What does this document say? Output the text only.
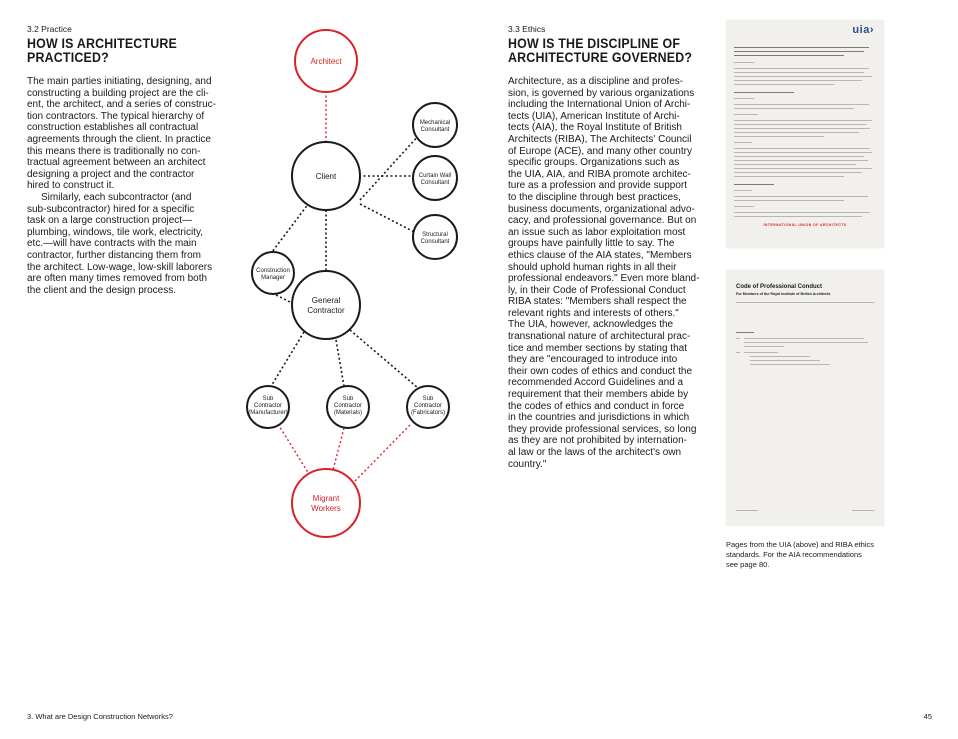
3.2 Practice
HOW IS ARCHITECTURE
PRACTICED?

The main parties initiating, designing, and
constructing a building project are the cli-
ent, the architect, and a series of construc-
tion contractors. The typical hierarchy of
construction establishes all contractual
agreements through the client. In practice
this means there is traditionally no con-
tractual agreement between an architect
designing a project and the contractor
hired to construct it.

Similarly, each subcontractor (and
sub-subcontractor) hired for a specific
task on a large construction project—
plumbing, windows, tile work, electricity,
etc.—will have contracts with the main
contractor, further distancing them from
the architect. Low-wage, low-skill laborers
are often many times removed from both
the client and the design process.

Architect
Client
Mechanical
Consultant
Curtain Wall
Consultant
Structural
Consultant
Construction
Manager
General
Contractor
Sub
Contractor
(Manufacturer)
Sub
Contractor
(Materials)
Sub
Contractor
(Fabricators)
Migrant
Workers
3.3 Ethics
HOW IS THE DISCIPLINE OF
ARCHITECTURE GOVERNED?
Architecture, as a discipline and profes-
sion, is governed by various organizations
including the International Union of Archi-
tects (UIA), American Institute of Archi-
tects (AIA), the Royal Institute of British
Architects (RIBA), The Architects' Council
of Europe (ACE), and many other country
specific groups. Organizations such as
the UIA, AIA, and RIBA promote architec-
ture as a profession and provide support
to the discipline through best practices,
business documents, organizational advo-
cacy, and professional governance. But on
an issue such as labor exploitation most
groups have painfully little to say. The
ethics clause of the AIA states, "Members
should uphold human rights in all their
professional endeavors." Even more bland-
ly, in their Code of Professional Conduct
RIBA states: "Members shall respect the
relevant rights and interests of others."
The UIA, however, acknowledges the
transnational nature of architectural prac-
tice and member sections by stating that
they are "encouraged to introduce into
their own codes of ethics and conduct the
recommended Accord Guidelines and a
requirement that their members abide by
the codes of ethics and conduct in force
in the countries and jurisdictions in which
they provide professional services, so long
as they are not prohibited by internation-
al law or the laws of the architect's own
country."
uia›
INTERNATIONAL UNION OF ARCHITECTS
Code of Professional Conduct
For Members of the Royal Institute of British Architects
Pages from the UIA (above) and RIBA ethics
standards. For the AIA recommendations
see page 80.
3. What are Design Construction Networks?	45
